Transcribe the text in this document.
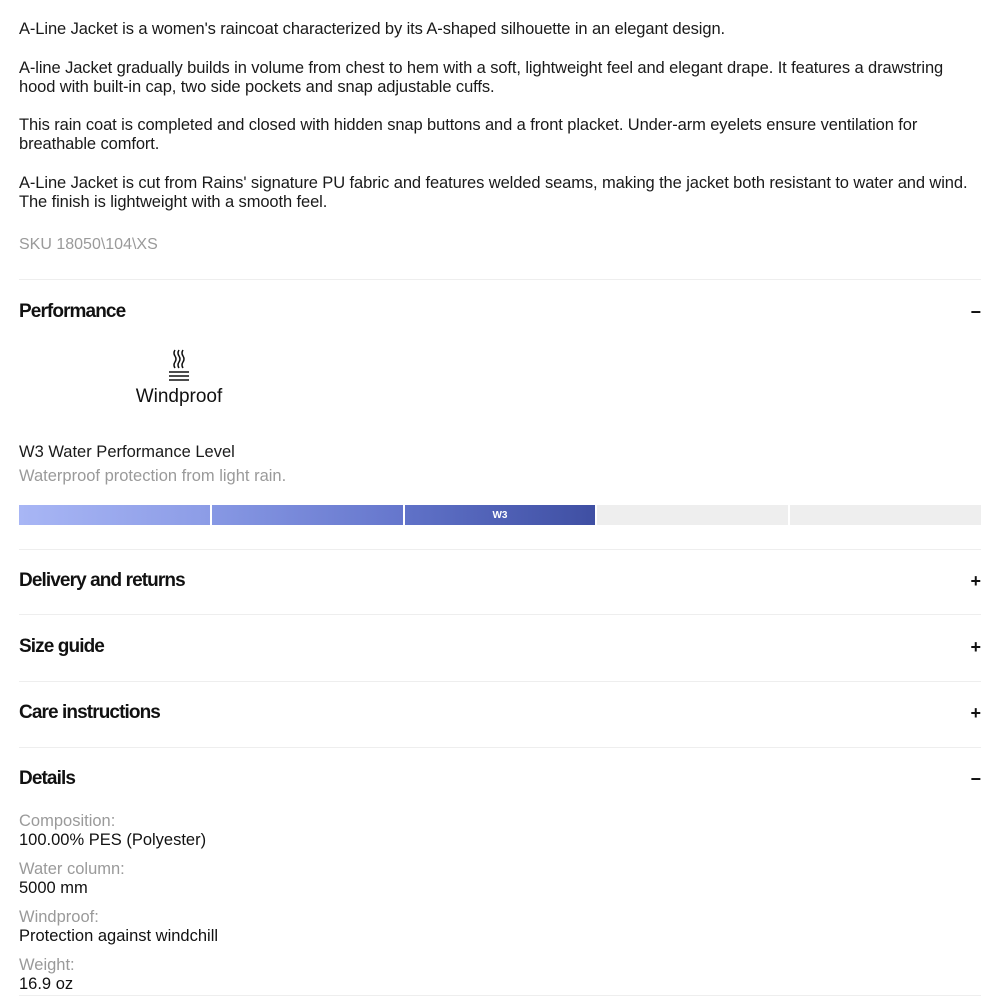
A-Line Jacket is a women's raincoat characterized by its A-shaped silhouette in an elegant design.

A-line Jacket gradually builds in volume from chest to hem with a soft, lightweight feel and elegant drape. It features a drawstring hood with built-in cap, two side pockets and snap adjustable cuffs.

This rain coat is completed and closed with hidden snap buttons and a front placket. Under-arm eyelets ensure ventilation for breathable comfort.

A-Line Jacket is cut from Rains' signature PU fabric and features welded seams, making the jacket both resistant to water and wind. The finish is lightweight with a smooth feel.

SKU 18050\104\XS
Performance	−
Windproof
W3 Water Performance Level
Waterproof protection from light rain.
W3
Delivery and returns	+
Size guide	+
Care instructions	+
Details	−
Composition:
100.00% PES (Polyester)
Water column:
5000 mm
Windproof:
Protection against windchill
Weight:
16.9 oz
